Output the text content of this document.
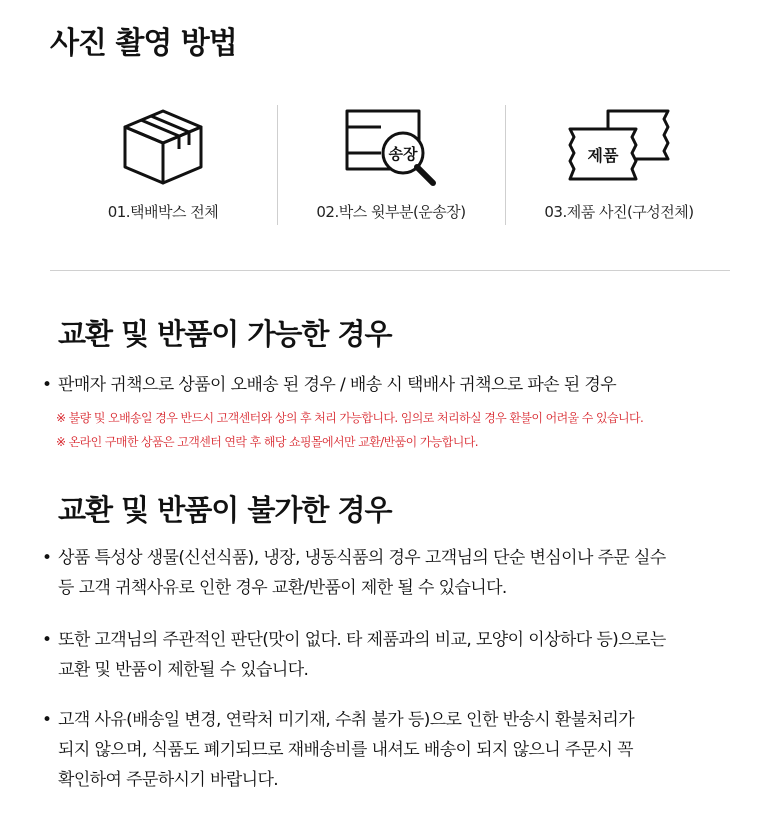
사진 촬영 방법
01.택배박스 전체
송장
02.박스 윗부분(운송장)
제품
03.제품 사진(구성전체)
교환 및 반품이 가능한 경우
• 판매자 귀책으로 상품이 오배송 된 경우 / 배송 시 택배사 귀책으로 파손 된 경우
※ 불량 및 오배송일 경우 반드시 고객센터와 상의 후 처리 가능합니다. 임의로 처리하실 경우 환불이 어려울 수 있습니다.
※ 온라인 구매한 상품은 고객센터 연락 후 해당 쇼핑몰에서만 교환/반품이 가능합니다.
교환 및 반품이 불가한 경우
• 상품 특성상 생물(신선식품), 냉장, 냉동식품의 경우 고객님의 단순 변심이나 주문 실수
등 고객 귀책사유로 인한 경우 교환/반품이 제한 될 수 있습니다.
• 또한 고객님의 주관적인 판단(맛이 없다. 타 제품과의 비교, 모양이 이상하다 등)으로는
교환 및 반품이 제한될 수 있습니다.
• 고객 사유(배송일 변경, 연락처 미기재, 수취 불가 등)으로 인한 반송시 환불처리가
되지 않으며, 식품도 폐기되므로 재배송비를 내셔도 배송이 되지 않으니 주문시 꼭
확인하여 주문하시기 바랍니다.
